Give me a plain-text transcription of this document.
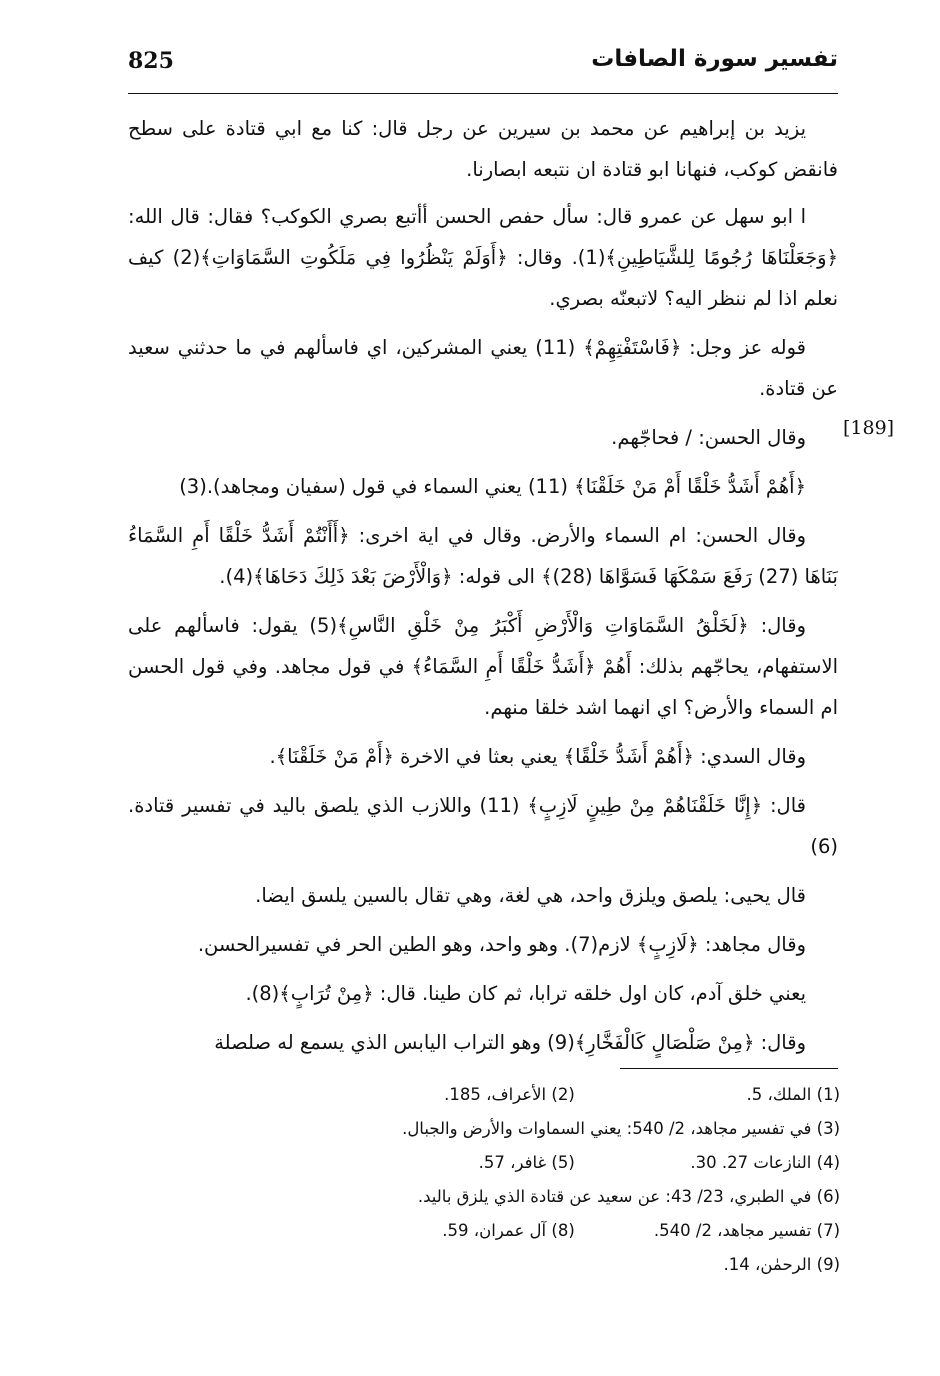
825	تفسير سورة الصافات
[189]

يزيد بن إبراهيم عن محمد بن سيرين عن رجل قال: كنا مع ابي قتادة على سطح فانقض كوكب، فنهانا ابو قتادة ان نتبعه ابصارنا.

ا ابو سهل عن عمرو قال: سأل حفص الحسن أأتبع بصري الكوكب؟ فقال: قال الله: ﴿وَجَعَلْنَاهَا رُجُومًا لِلشَّيَاطِينِ﴾(1). وقال: ﴿أَوَلَمْ يَنْظُرُوا فِي مَلَكُوتِ السَّمَاوَاتِ﴾(2) كيف نعلم اذا لم ننظر اليه؟ لاتبعنّه بصري.

قوله عز وجل: ﴿فَاسْتَفْتِهِمْ﴾ (11) يعني المشركين، اي فاسألهم في ما حدثني سعيد عن قتادة.

وقال الحسن: / فحاجّهم.

﴿أَهُمْ أَشَدُّ خَلْقًا أَمْ مَنْ خَلَقْنَا﴾ (11) يعني السماء في قول (سفيان ومجاهد).(3)

وقال الحسن: ام السماء والأرض. وقال في اية اخرى: ﴿أَأَنْتُمْ أَشَدُّ خَلْقًا أَمِ السَّمَاءُ بَنَاهَا (27) رَفَعَ سَمْكَهَا فَسَوَّاهَا (28)﴾ الى قوله: ﴿وَالْأَرْضَ بَعْدَ ذَلِكَ دَحَاهَا﴾(4).

وقال: ﴿لَخَلْقُ السَّمَاوَاتِ وَالْأَرْضِ أَكْبَرُ مِنْ خَلْقِ النَّاسِ﴾(5) يقول: فاسألهم على الاستفهام، يحاجّهم بذلك: أَهُمْ ﴿أَشَدُّ خَلْقًا أَمِ السَّمَاءُ﴾ في قول مجاهد. وفي قول الحسن ام السماء والأرض؟ اي انهما اشد خلقا منهم.

وقال السدي: ﴿أَهُمْ أَشَدُّ خَلْقًا﴾ يعني بعثا في الاخرة ﴿أَمْ مَنْ خَلَقْنَا﴾.

قال: ﴿إِنَّا خَلَقْنَاهُمْ مِنْ طِينٍ لَازِبٍ﴾ (11) واللازب الذي يلصق باليد في تفسير قتادة.(6)

قال يحيى: يلصق ويلزق واحد، هي لغة، وهي تقال بالسين يلسق ايضا.

وقال مجاهد: ﴿لَازِبٍ﴾ لازم(7). وهو واحد، وهو الطين الحر في تفسيرالحسن.

يعني خلق آدم، كان اول خلقه ترابا، ثم كان طينا. قال: ﴿مِنْ تُرَابٍ﴾(8).

وقال: ﴿مِنْ صَلْصَالٍ كَالْفَخَّارِ﴾(9) وهو التراب اليابس الذي يسمع له صلصلة

(1) الملك، 5. (2) الأعراف، 185.
(3) في تفسير مجاهد، 2/ 540: يعني السماوات والأرض والجبال.
(4) النازعات 27. 30. (5) غافر، 57.
(6) في الطبري، 23/ 43: عن سعيد عن قتادة الذي يلزق باليد.
(7) تفسير مجاهد، 2/ 540. (8) آل عمران، 59.
(9) الرحمٰن، 14.
